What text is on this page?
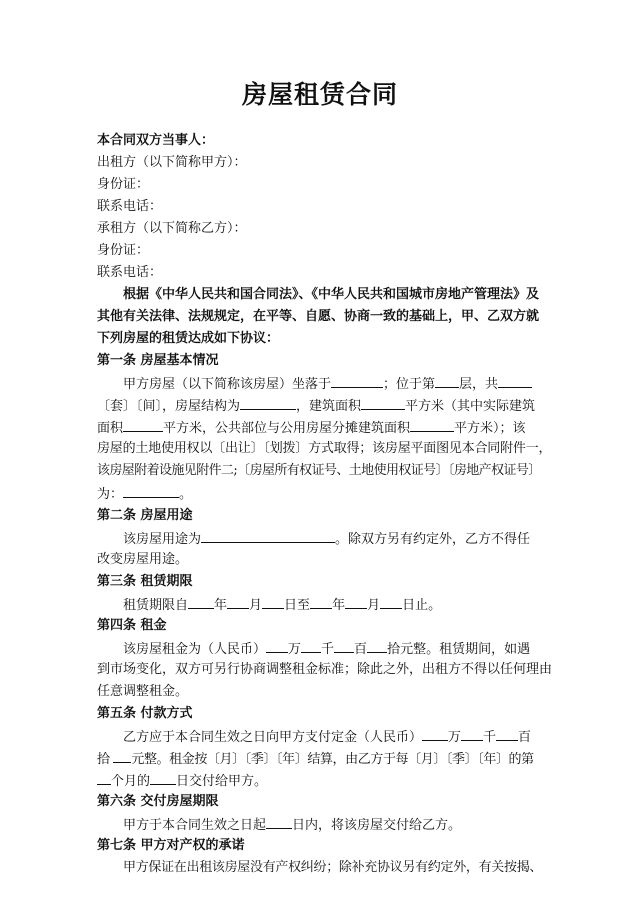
房屋租赁合同
本合同双方当事人：
出租方（以下简称甲方）：
身份证：
联系电话：
承租方（以下简称乙方）：
身份证：
联系电话：
根据《中华人民共和国合同法》、《中华人民共和国城市房地产管理法》及
其他有关法律、法规规定，在平等、自愿、协商一致的基础上，甲、乙双方就
下列房屋的租赁达成如下协议：
第一条 房屋基本情况
甲方房屋（以下简称该房屋）坐落于	；位于第 层，共
〔套〕〔间〕，房屋结构为	，建筑面积	平方米（其中实际建筑
面积	平方米，公共部位与公用房屋分摊建筑面积	平方米）；该
房屋的土地使用权以〔出让〕〔划拨〕方式取得；该房屋平面图见本合同附件一，
该房屋附着设施见附件二;〔房屋所有权证号、土地使用权证号〕〔房地产权证号〕
为：	。
第二条 房屋用途
该房屋用途为	。除双方另有约定外，乙方不得任
改变房屋用途。
第三条 租赁期限
租赁期限自 年 月 日至 年 月 日止。
第四条 租金
该房屋租金为（人民币） 万 千 百 拾元整。租赁期间，如遇
到市场变化，双方可另行协商调整租金标准；除此之外，出租方不得以任何理由
任意调整租金。
第五条 付款方式
乙方应于本合同生效之日向甲方支付定金（人民币） 万 千 百
拾 元整。租金按〔月〕〔季〕〔年〕结算，由乙方于每〔月〕〔季〕〔年〕的第
个月的 日交付给甲方。
第六条 交付房屋期限
甲方于本合同生效之日起 日内，将该房屋交付给乙方。
第七条 甲方对产权的承诺
甲方保证在出租该房屋没有产权纠纷；除补充协议另有约定外，有关按揭、
